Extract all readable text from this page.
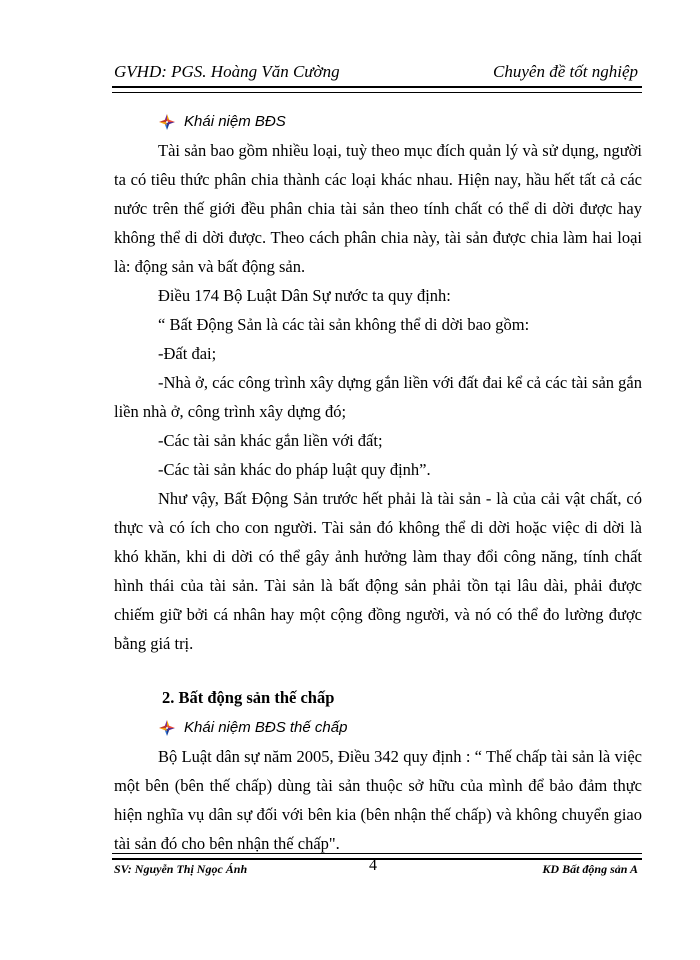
GVHD: PGS. Hoàng Văn Cường	Chuyên đề tốt nghiệp
Khái niệm BĐS

Tài sản bao gồm nhiều loại, tuỳ theo mục đích quản lý và sử dụng, người ta có tiêu thức phân chia thành các loại khác nhau. Hiện nay, hầu hết tất cả các nước trên thế giới đều phân chia tài sản theo tính chất có thể di dời được hay không thể di dời được. Theo cách phân chia này, tài sản được chia làm hai loại là: động sản và bất động sản.

Điều 174 Bộ Luật Dân Sự nước ta quy định:

“ Bất Động Sản là các tài sản không thể di dời bao gồm:

-Đất đai;

-Nhà ở, các công trình xây dựng gắn liền với đất đai kể cả các tài sản gắn liền nhà ở, công trình xây dựng đó;

-Các tài sản khác gắn liền với đất;

-Các tài sản khác do pháp luật quy định”.

Như vậy, Bất Động Sản trước hết phải là tài sản - là của cải vật chất, có thực và có ích cho con người. Tài sản đó không thể di dời hoặc việc di dời là khó khăn, khi di dời có thể gây ảnh hưởng làm thay đổi công năng, tính chất hình thái của tài sản. Tài sản là bất động sản phải tồn tại lâu dài, phải được chiếm giữ bởi cá nhân hay một cộng đồng người, và nó có thể đo lường được bằng giá trị.

2. Bất động sản thế chấp
Khái niệm BĐS thế chấp

Bộ Luật dân sự năm 2005, Điều 342 quy định : “ Thế chấp tài sản là việc một bên (bên thế chấp) dùng tài sản thuộc sở hữu của mình để bảo đảm thực hiện nghĩa vụ dân sự đối với bên kia (bên nhận thế chấp) và không chuyển giao tài sản đó cho bên nhận thế chấp".

SV: Nguyễn Thị Ngọc Ánh	4	KD Bất động sản A
